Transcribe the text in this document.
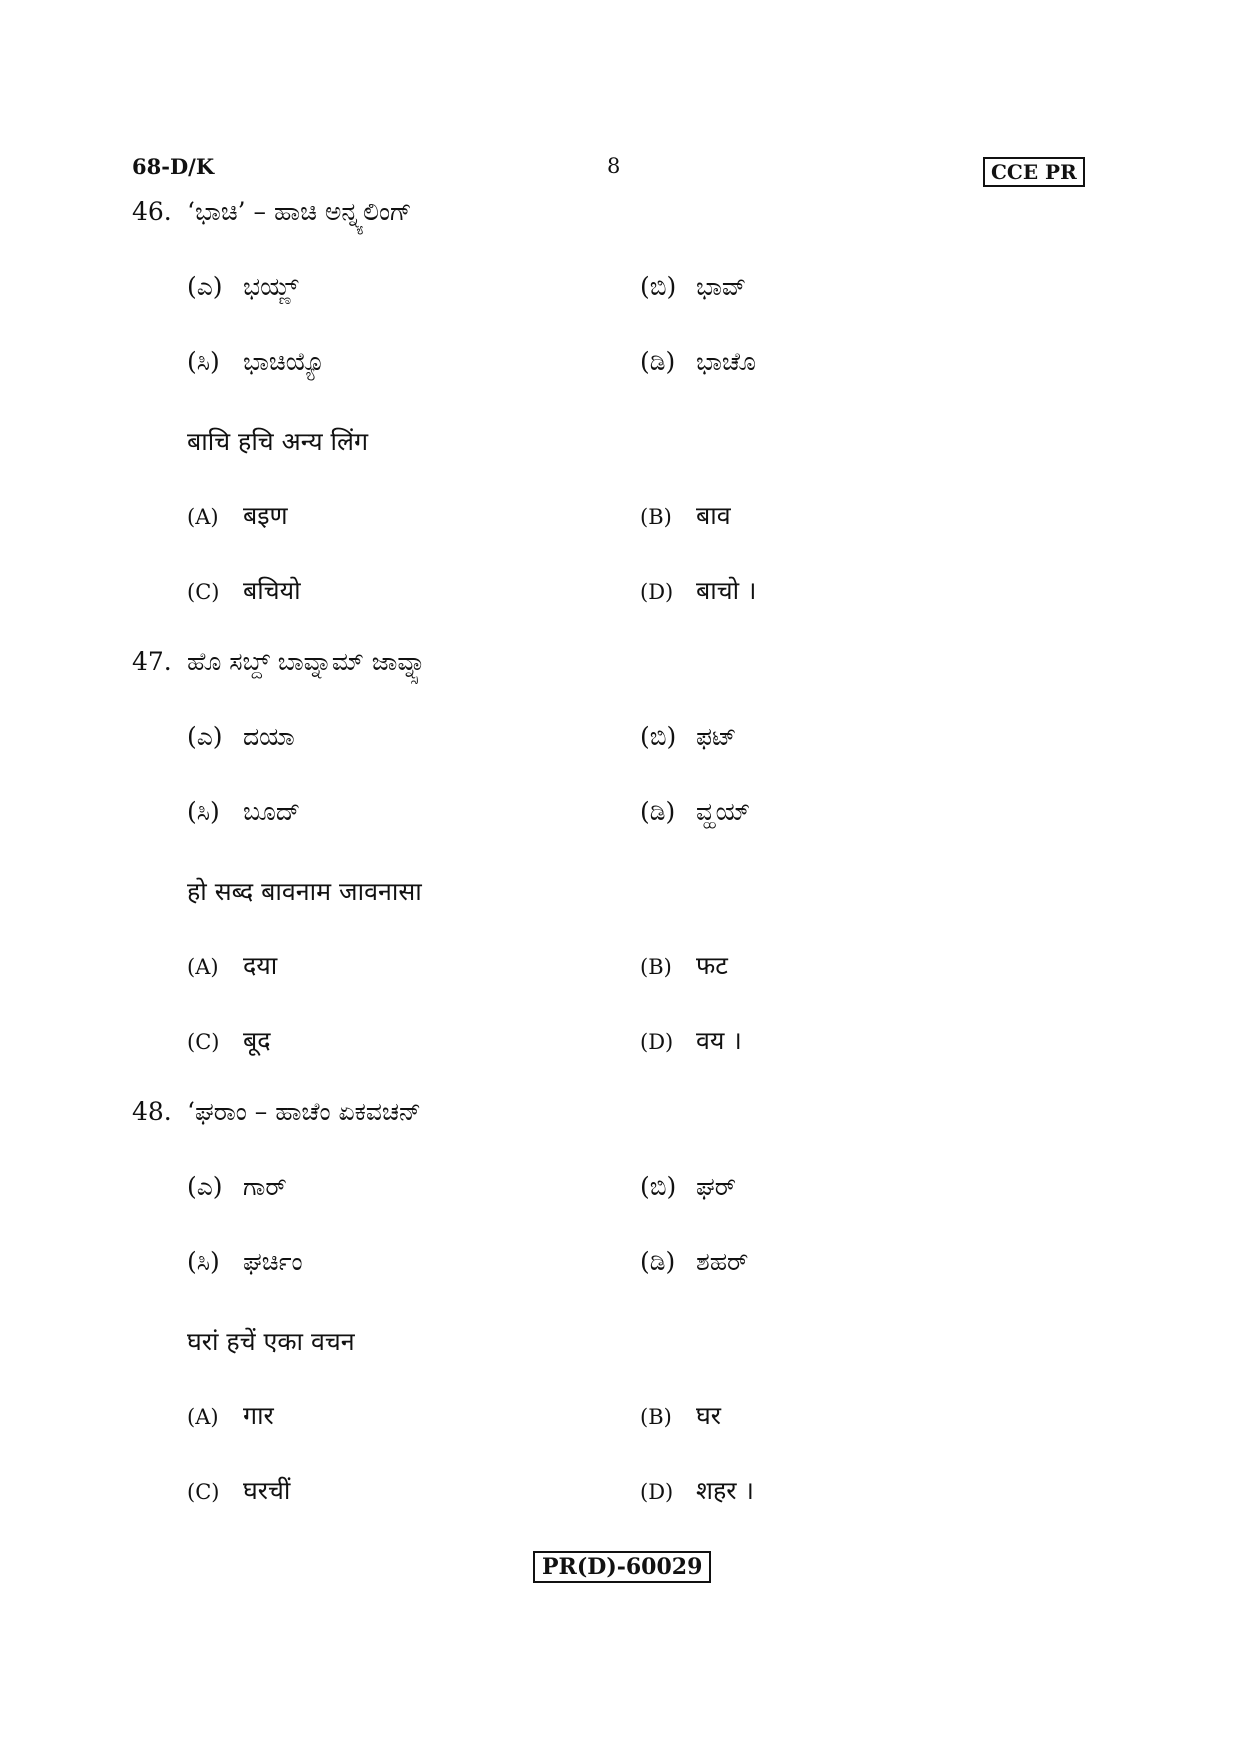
68-D/K	8	CCE PR
46. ‘ಭಾಚಿ’ – ಹಾಚಿ ಅನ್ನ್ಯಲಿಂಗ್
(ಎ) ಭಯ್ಣ್	(ಬಿ) ಭಾವ್
(ಸಿ) ಭಾಚಿಯ್ಯೊ	(ಡಿ) ಭಾಚೊ
बाचि हचि अन्य लिंग
(A) बइण	(B) बाव
(C) बचियो	(D) बाचो ।
47. ಹೊ ಸಬ್ದ್ ಬಾವ್ನಾಮ್ ಜಾವ್ನ್ಸಾ
(ಎ) ದಯಾ	(ಬಿ) ಫಟ್
(ಸಿ) ಬೂದ್	(ಡಿ) ವ್ಹಯ್
हो सब्द बावनाम जावनासा
(A) दया	(B) फट
(C) बूद	(D) वय ।
48. ‘ಘರಾಂ – ಹಾಚೆಂ ಏಕವಚನ್
(ಎ) ಗಾರ್	(ಬಿ) ಘರ್
(ಸಿ) ಘರ್ಚಿಂ	(ಡಿ) ಶಹರ್
घरां हचें एका वचन
(A) गार	(B) घर
(C) घरचीं	(D) शहर ।
PR(D)-60029
